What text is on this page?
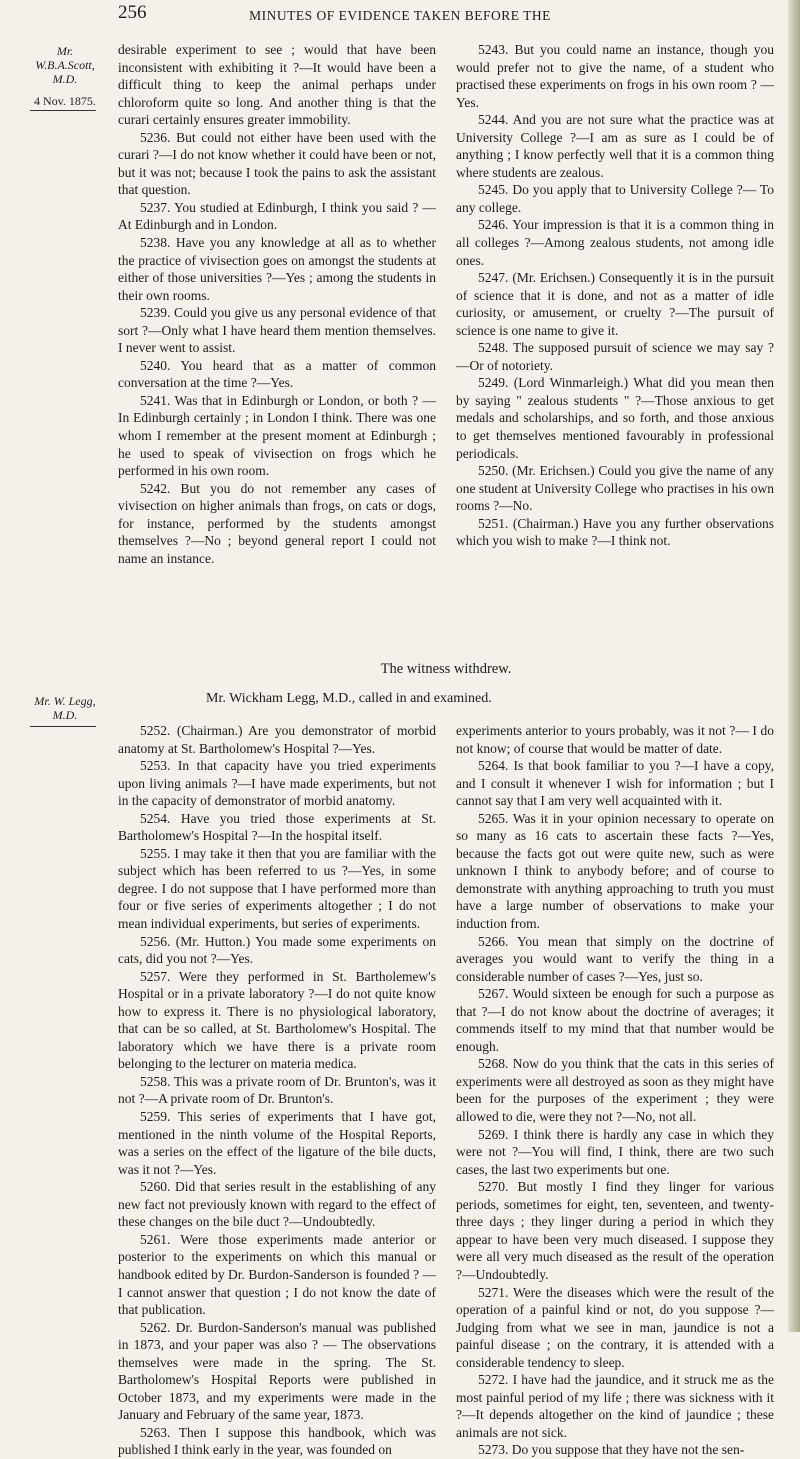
256	MINUTES OF EVIDENCE TAKEN BEFORE THE
Mr.
W.B.A.Scott,
M.D.
4 Nov. 1875.

desirable experiment to see ; would that have been inconsistent with exhibiting it ?—It would have been a difficult thing to keep the animal perhaps under chloroform quite so long. And another thing is that the curari certainly ensures greater immobility.

5236. But could not either have been used with the curari ?—I do not know whether it could have been or not, but it was not; because I took the pains to ask the assistant that question.

5237. You studied at Edinburgh, I think you said ? —At Edinburgh and in London.

5238. Have you any knowledge at all as to whether the practice of vivisection goes on amongst the students at either of those universities ?—Yes ; among the students in their own rooms.

5239. Could you give us any personal evidence of that sort ?—Only what I have heard them mention themselves. I never went to assist.

5240. You heard that as a matter of common conversation at the time ?—Yes.

5241. Was that in Edinburgh or London, or both ? —In Edinburgh certainly ; in London I think. There was one whom I remember at the present moment at Edinburgh ; he used to speak of vivisection on frogs which he performed in his own room.

5242. But you do not remember any cases of vivisection on higher animals than frogs, on cats or dogs, for instance, performed by the students amongst themselves ?—No ; beyond general report I could not name an instance.

5243. But you could name an instance, though you would prefer not to give the name, of a student who practised these experiments on frogs in his own room ? —Yes.

5244. And you are not sure what the practice was at University College ?—I am as sure as I could be of anything ; I know perfectly well that it is a common thing where students are zealous.

5245. Do you apply that to University College ?— To any college.

5246. Your impression is that it is a common thing in all colleges ?—Among zealous students, not among idle ones.

5247. (Mr. Erichsen.) Consequently it is in the pursuit of science that it is done, and not as a matter of idle curiosity, or amusement, or cruelty ?—The pursuit of science is one name to give it.

5248. The supposed pursuit of science we may say ? —Or of notoriety.

5249. (Lord Winmarleigh.) What did you mean then by saying " zealous students " ?—Those anxious to get medals and scholarships, and so forth, and those anxious to get themselves mentioned favourably in professional periodicals.

5250. (Mr. Erichsen.) Could you give the name of any one student at University College who practises in his own rooms ?—No.

5251. (Chairman.) Have you any further observations which you wish to make ?—I think not.

The witness withdrew.
Mr. W. Legg,
M.D.
Mr. Wickham Legg, M.D., called in and examined.

5252. (Chairman.) Are you demonstrator of morbid anatomy at St. Bartholomew's Hospital ?—Yes.

5253. In that capacity have you tried experiments upon living animals ?—I have made experiments, but not in the capacity of demonstrator of morbid anatomy.

5254. Have you tried those experiments at St. Bartholomew's Hospital ?—In the hospital itself.

5255. I may take it then that you are familiar with the subject which has been referred to us ?—Yes, in some degree. I do not suppose that I have performed more than four or five series of experiments altogether ; I do not mean individual experiments, but series of experiments.

5256. (Mr. Hutton.) You made some experiments on cats, did you not ?—Yes.

5257. Were they performed in St. Bartholemew's Hospital or in a private laboratory ?—I do not quite know how to express it. There is no physiological laboratory, that can be so called, at St. Bartholomew's Hospital. The laboratory which we have there is a private room belonging to the lecturer on materia medica.

5258. This was a private room of Dr. Brunton's, was it not ?—A private room of Dr. Brunton's.

5259. This series of experiments that I have got, mentioned in the ninth volume of the Hospital Reports, was a series on the effect of the ligature of the bile ducts, was it not ?—Yes.

5260. Did that series result in the establishing of any new fact not previously known with regard to the effect of these changes on the bile duct ?—Undoubtedly.

5261. Were those experiments made anterior or posterior to the experiments on which this manual or handbook edited by Dr. Burdon-Sanderson is founded ? —I cannot answer that question ; I do not know the date of that publication.

5262. Dr. Burdon-Sanderson's manual was published in 1873, and your paper was also ? — The observations themselves were made in the spring. The St. Bartholomew's Hospital Reports were published in October 1873, and my experiments were made in the January and February of the same year, 1873.

5263. Then I suppose this handbook, which was published I think early in the year, was founded on

experiments anterior to yours probably, was it not ?— I do not know; of course that would be matter of date.

5264. Is that book familiar to you ?—I have a copy, and I consult it whenever I wish for information ; but I cannot say that I am very well acquainted with it.

5265. Was it in your opinion necessary to operate on so many as 16 cats to ascertain these facts ?—Yes, because the facts got out were quite new, such as were unknown I think to anybody before; and of course to demonstrate with anything approaching to truth you must have a large number of observations to make your induction from.

5266. You mean that simply on the doctrine of averages you would want to verify the thing in a considerable number of cases ?—Yes, just so.

5267. Would sixteen be enough for such a purpose as that ?—I do not know about the doctrine of averages; it commends itself to my mind that that number would be enough.

5268. Now do you think that the cats in this series of experiments were all destroyed as soon as they might have been for the purposes of the experiment ; they were allowed to die, were they not ?—No, not all.

5269. I think there is hardly any case in which they were not ?—You will find, I think, there are two such cases, the last two experiments but one.

5270. But mostly I find they linger for various periods, sometimes for eight, ten, seventeen, and twenty-three days ; they linger during a period in which they appear to have been very much diseased. I suppose they were all very much diseased as the result of the operation ?—Undoubtedly.

5271. Were the diseases which were the result of the operation of a painful kind or not, do you suppose ?—Judging from what we see in man, jaundice is not a painful disease ; on the contrary, it is attended with a considerable tendency to sleep.

5272. I have had the jaundice, and it struck me as the most painful period of my life ; there was sickness with it ?—It depends altogether on the kind of jaundice ; these animals are not sick.

5273. Do you suppose that they have not the sen-
